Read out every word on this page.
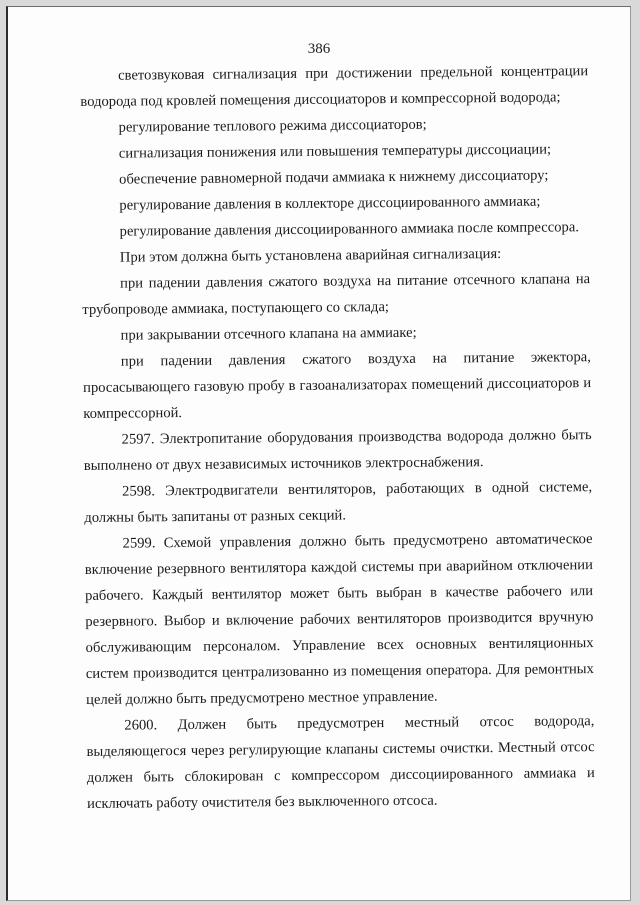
386

светозвуковая сигнализация при достижении предельной концентрации водорода под кровлей помещения диссоциаторов и компрессорной водорода;

регулирование теплового режима диссоциаторов;

сигнализация понижения или повышения температуры диссоциации;

обеспечение равномерной подачи аммиака к нижнему диссоциатору;

регулирование давления в коллекторе диссоциированного аммиака;

регулирование давления диссоциированного аммиака после компрессора.

При этом должна быть установлена аварийная сигнализация:

при падении давления сжатого воздуха на питание отсечного клапана на трубопроводе аммиака, поступающего со склада;

при закрывании отсечного клапана на аммиаке;

при падении давления сжатого воздуха на питание эжектора, просасывающего газовую пробу в газоанализаторах помещений диссоциаторов и компрессорной.

2597. Электропитание оборудования производства водорода должно быть выполнено от двух независимых источников электроснабжения.

2598. Электродвигатели вентиляторов, работающих в одной системе, должны быть запитаны от разных секций.

2599. Схемой управления должно быть предусмотрено автоматическое включение резервного вентилятора каждой системы при аварийном отключении рабочего. Каждый вентилятор может быть выбран в качестве рабочего или резервного. Выбор и включение рабочих вентиляторов производится вручную обслуживающим персоналом. Управление всех основных вентиляционных систем производится централизованно из помещения оператора. Для ремонтных целей должно быть предусмотрено местное управление.

2600. Должен быть предусмотрен местный отсос водорода, выделяющегося через регулирующие клапаны системы очистки. Местный отсос должен быть сблокирован с компрессором диссоциированного аммиака и исключать работу очистителя без выключенного отсоса.
